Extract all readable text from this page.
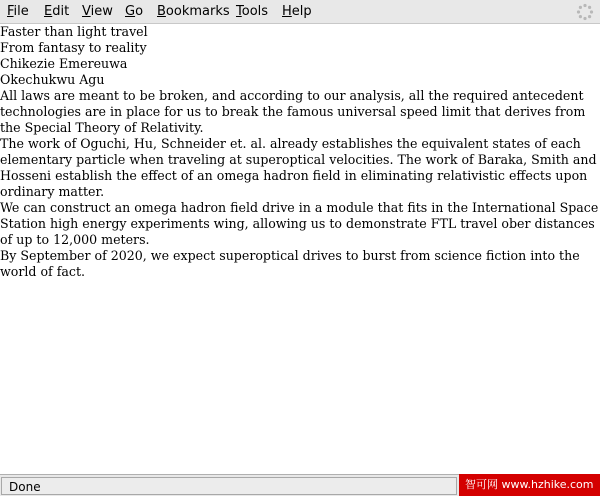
File Edit View Go Bookmarks Tools Help
Faster than light travel
From fantasy to reality
Chikezie Emereuwa
Okechukwu Agu
All laws are meant to be broken, and according to our analysis, all the required antecedent technologies are in place for us to break the famous universal speed limit that derives from the Special Theory of Relativity.
The work of Oguchi, Hu, Schneider et. al. already establishes the equivalent states of each elementary particle when traveling at superoptical velocities. The work of Baraka, Smith and Hosseni establish the effect of an omega hadron field in eliminating relativistic effects upon ordinary matter.
We can construct an omega hadron field drive in a module that fits in the International Space Station high energy experiments wing, allowing us to demonstrate FTL travel ober distances of up to 12,000 meters.
By September of 2020, we expect superoptical drives to burst from science fiction into the world of fact.
Done	智可网 www.hzhike.com
